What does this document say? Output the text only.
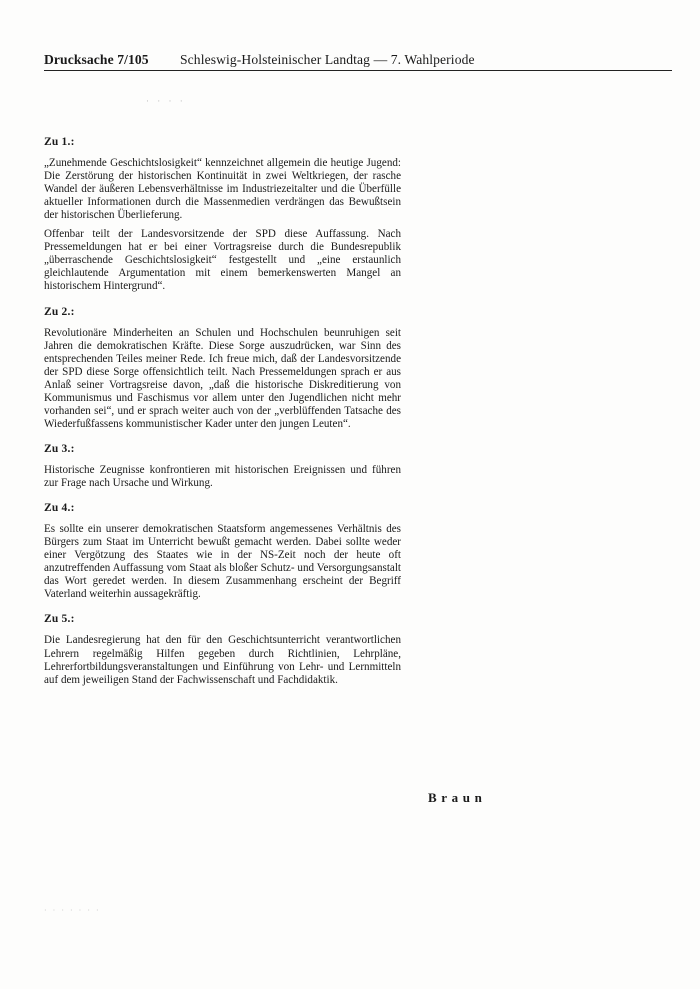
Drucksache 7/105 Schleswig-Holsteinischer Landtag — 7. Wahlperiode
· · · ·
Zu 1.:

„Zunehmende Geschichtslosigkeit“ kennzeichnet allgemein die heutige Jugend: Die Zerstörung der historischen Kontinuität in zwei Weltkriegen, der rasche Wandel der äußeren Lebensverhältnisse im Industriezeitalter und die Überfülle aktueller Informationen durch die Massenmedien verdrängen das Bewußtsein der historischen Überlieferung.

Offenbar teilt der Landesvorsitzende der SPD diese Auffassung. Nach Pressemeldungen hat er bei einer Vortragsreise durch die Bundesrepublik „überraschende Geschichtslosigkeit“ festgestellt und „eine erstaunlich gleichlautende Argumentation mit einem bemerkenswerten Mangel an historischem Hintergrund“.

Zu 2.:

Revolutionäre Minderheiten an Schulen und Hochschulen beunruhigen seit Jahren die demokratischen Kräfte. Diese Sorge auszudrücken, war Sinn des entsprechenden Teiles meiner Rede. Ich freue mich, daß der Landesvorsitzende der SPD diese Sorge offensichtlich teilt. Nach Pressemeldungen sprach er aus Anlaß seiner Vortragsreise davon, „daß die historische Diskreditierung von Kommunismus und Faschismus vor allem unter den Jugendlichen nicht mehr vorhanden sei“, und er sprach weiter auch von der „verblüffenden Tatsache des Wiederfußfassens kommunistischer Kader unter den jungen Leuten“.

Zu 3.:

Historische Zeugnisse konfrontieren mit historischen Ereignissen und führen zur Frage nach Ursache und Wirkung.

Zu 4.:

Es sollte ein unserer demokratischen Staatsform angemessenes Verhältnis des Bürgers zum Staat im Unterricht bewußt gemacht werden. Dabei sollte weder einer Vergötzung des Staates wie in der NS-Zeit noch der heute oft anzutreffenden Auffassung vom Staat als bloßer Schutz- und Versorgungsanstalt das Wort geredet werden. In diesem Zusammenhang erscheint der Begriff Vaterland weiterhin aussagekräftig.

Zu 5.:

Die Landesregierung hat den für den Geschichtsunterricht verantwortlichen Lehrern regelmäßig Hilfen gegeben durch Richtlinien, Lehrpläne, Lehrerfortbildungsveranstaltungen und Einführung von Lehr- und Lernmitteln auf dem jeweiligen Stand der Fachwissenschaft und Fachdidaktik.

Braun
· · · · · · ·
